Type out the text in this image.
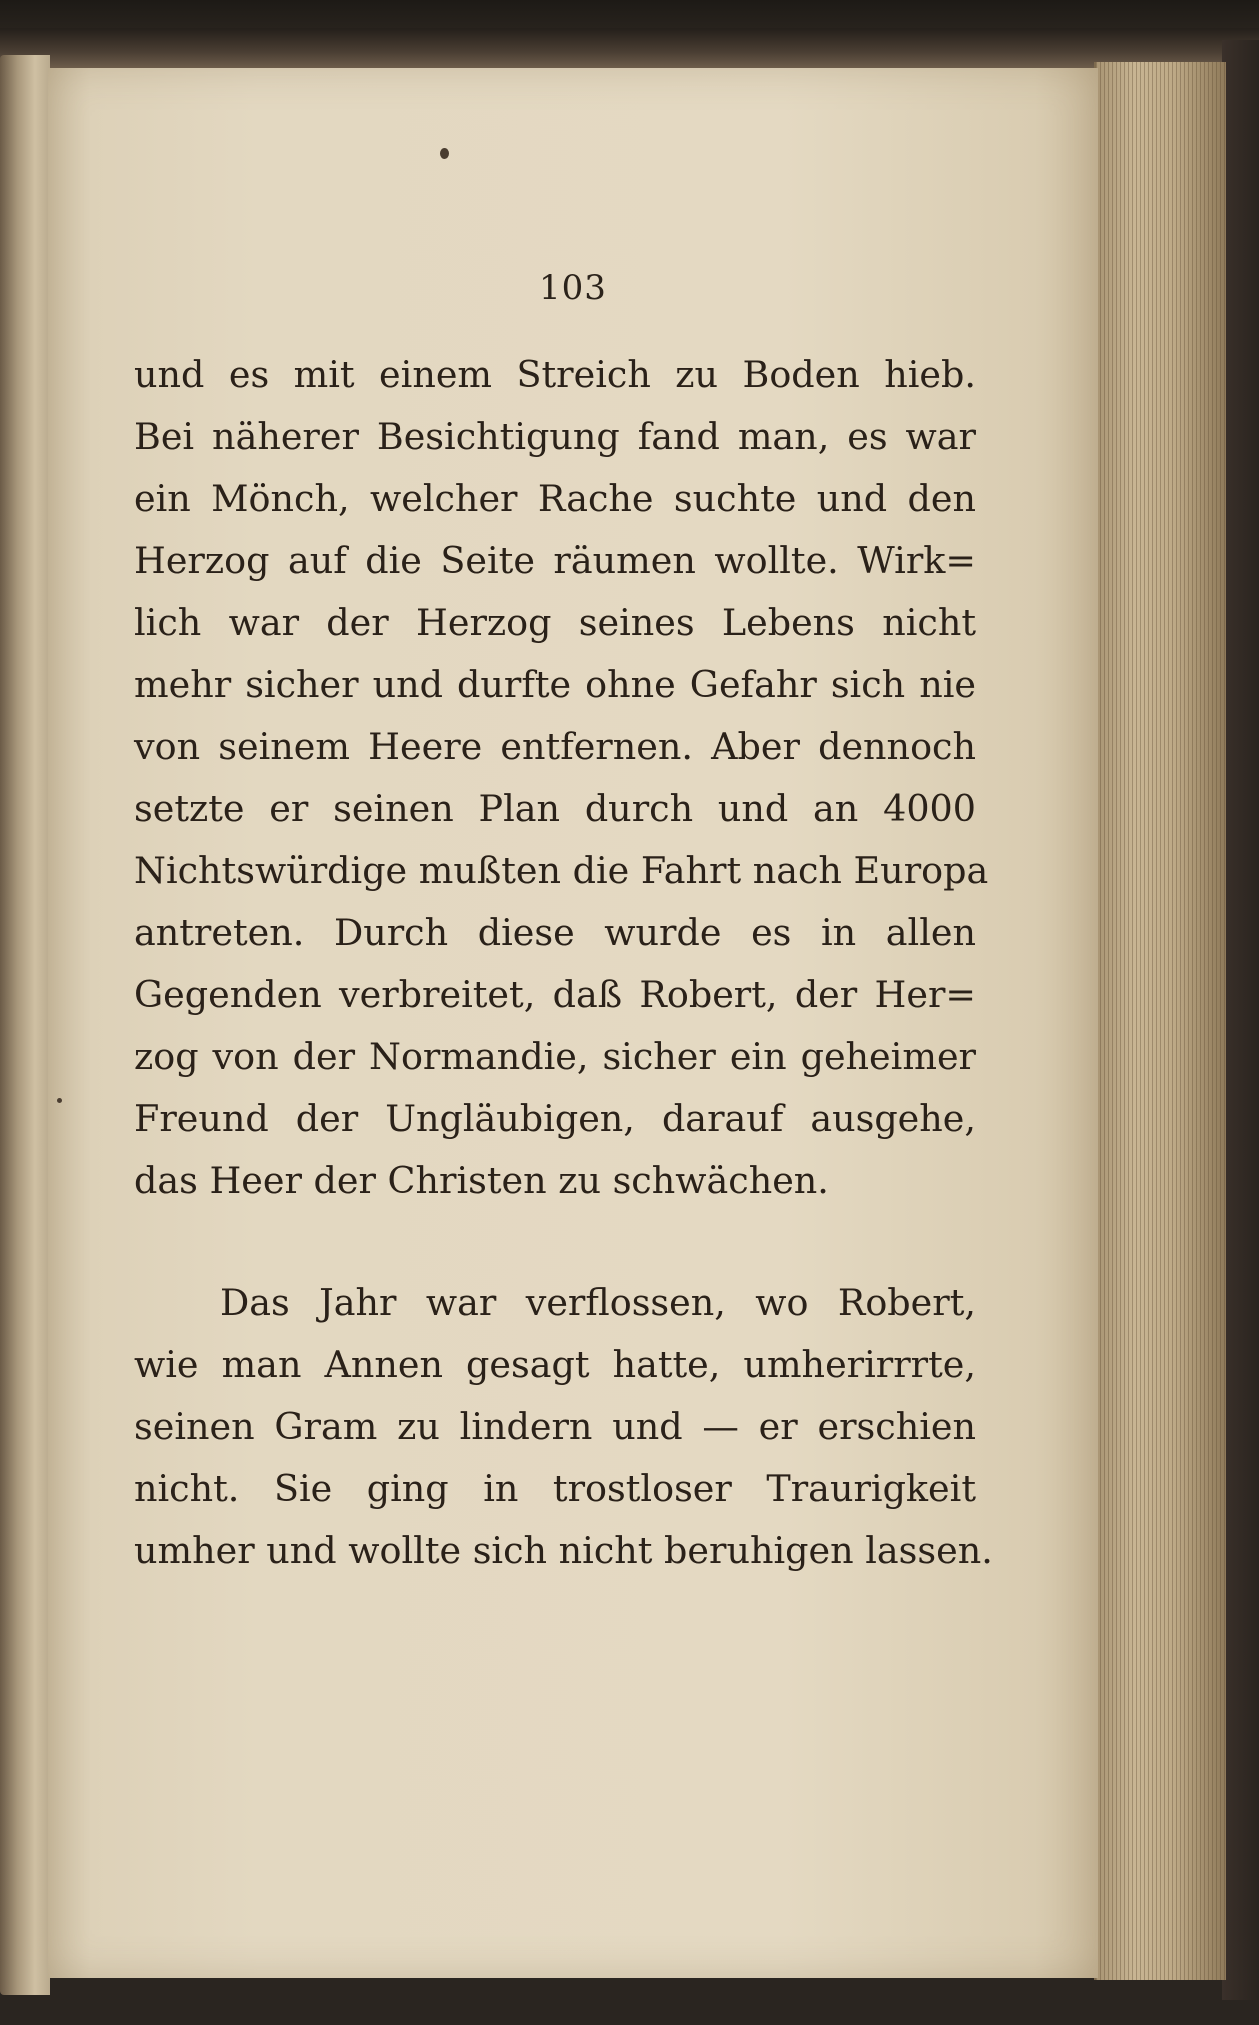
103

und es mit einem Streich zu Boden hieb.
Bei näherer Besichtigung fand man, es war
ein Mönch, welcher Rache suchte und den
Herzog auf die Seite räumen wollte. Wirk=
lich war der Herzog seines Lebens nicht
mehr sicher und durfte ohne Gefahr sich nie
von seinem Heere entfernen. Aber dennoch
setzte er seinen Plan durch und an 4000
Nichtswürdige mußten die Fahrt nach Europa
antreten. Durch diese wurde es in allen
Gegenden verbreitet, daß Robert, der Her=
zog von der Normandie, sicher ein geheimer
Freund der Ungläubigen, darauf ausgehe,
das Heer der Christen zu schwächen.

Das Jahr war verflossen, wo Robert,
wie man Annen gesagt hatte, umherirrrte,
seinen Gram zu lindern und — er erschien
nicht. Sie ging in trostloser Traurigkeit
umher und wollte sich nicht beruhigen lassen.
